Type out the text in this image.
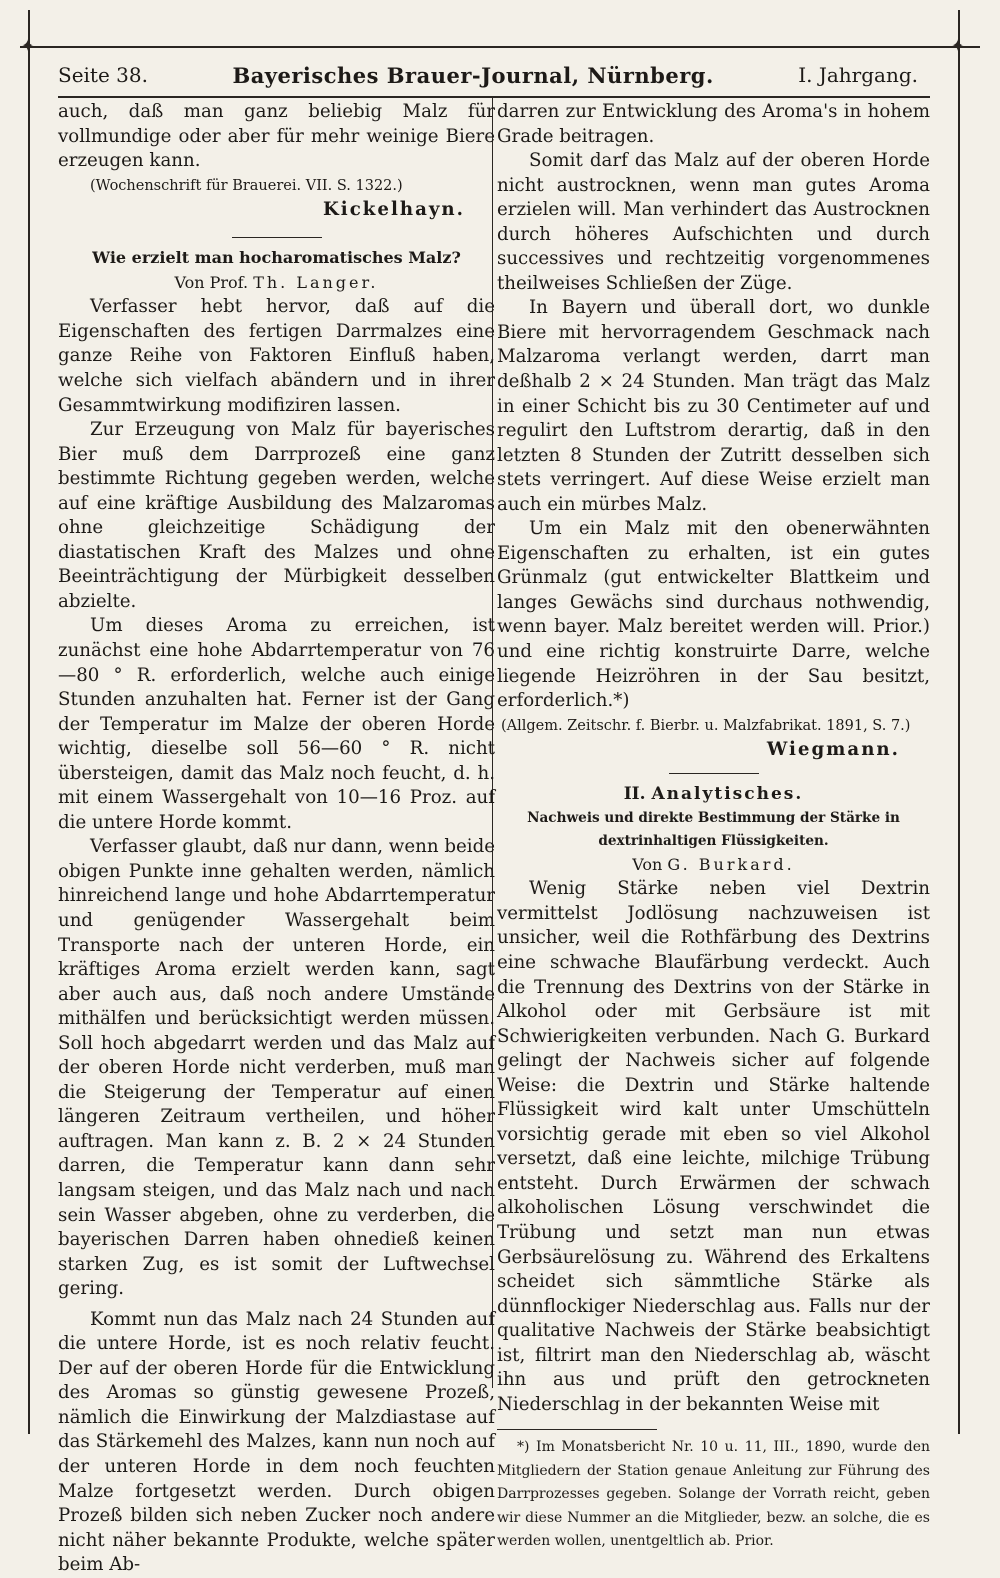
✦	✦
Seite 38.	Bayerisches Brauer-Journal, Nürnberg.	I. Jahrgang.

auch, daß man ganz beliebig Malz für vollmundige oder aber für mehr weinige Biere erzeugen kann.

(Wochenschrift für Brauerei. VII. S. 1322.)

Kickelhayn.

Wie erzielt man hocharomatisches Malz?

Von Prof. Th. Langer.

Verfasser hebt hervor, daß auf die Eigenschaften des fertigen Darrmalzes eine ganze Reihe von Faktoren Einfluß haben, welche sich vielfach abändern und in ihrer Gesammtwirkung modifiziren lassen.

Zur Erzeugung von Malz für bayerisches Bier muß dem Darrprozeß eine ganz bestimmte Richtung gegeben werden, welche auf eine kräftige Ausbildung des Malzaromas ohne gleichzeitige Schädigung der diastatischen Kraft des Malzes und ohne Beeinträchtigung der Mürbigkeit desselben abzielte.

Um dieses Aroma zu erreichen, ist zunächst eine hohe Abdarrtemperatur von 76—80 ° R. erforderlich, welche auch einige Stunden anzuhalten hat. Ferner ist der Gang der Temperatur im Malze der oberen Horde wichtig, dieselbe soll 56—60 ° R. nicht übersteigen, damit das Malz noch feucht, d. h. mit einem Wassergehalt von 10—16 Proz. auf die untere Horde kommt.

Verfasser glaubt, daß nur dann, wenn beide obigen Punkte inne gehalten werden, nämlich hinreichend lange und hohe Abdarrtemperatur und genügender Wassergehalt beim Transporte nach der unteren Horde, ein kräftiges Aroma erzielt werden kann, sagt aber auch aus, daß noch andere Umstände mithälfen und berücksichtigt werden müssen. Soll hoch abgedarrt werden und das Malz auf der oberen Horde nicht verderben, muß man die Steigerung der Temperatur auf einen längeren Zeitraum vertheilen, und höher auftragen. Man kann z. B. 2 × 24 Stunden darren, die Temperatur kann dann sehr langsam steigen, und das Malz nach und nach sein Wasser abgeben, ohne zu verderben, die bayerischen Darren haben ohnedieß keinen starken Zug, es ist somit der Luftwechsel gering.

Kommt nun das Malz nach 24 Stunden auf die untere Horde, ist es noch relativ feucht. Der auf der oberen Horde für die Entwicklung des Aromas so günstig gewesene Prozeß, nämlich die Einwirkung der Malzdiastase auf das Stärkemehl des Malzes, kann nun noch auf der unteren Horde in dem noch feuchten Malze fortgesetzt werden. Durch obigen Prozeß bilden sich neben Zucker noch andere nicht näher bekannte Produkte, welche später beim Ab-

darren zur Entwicklung des Aroma's in hohem Grade beitragen.

Somit darf das Malz auf der oberen Horde nicht austrocknen, wenn man gutes Aroma erzielen will. Man verhindert das Austrocknen durch höheres Aufschichten und durch successives und rechtzeitig vorgenommenes theilweises Schließen der Züge.

In Bayern und überall dort, wo dunkle Biere mit hervorragendem Geschmack nach Malzaroma verlangt werden, darrt man deßhalb 2 × 24 Stunden. Man trägt das Malz in einer Schicht bis zu 30 Centimeter auf und regulirt den Luftstrom derartig, daß in den letzten 8 Stunden der Zutritt desselben sich stets verringert. Auf diese Weise erzielt man auch ein mürbes Malz.

Um ein Malz mit den obenerwähnten Eigenschaften zu erhalten, ist ein gutes Grünmalz (gut entwickelter Blattkeim und langes Gewächs sind durchaus nothwendig, wenn bayer. Malz bereitet werden will. Prior.) und eine richtig konstruirte Darre, welche liegende Heizröhren in der Sau besitzt, erforderlich.*)

(Allgem. Zeitschr. f. Bierbr. u. Malzfabrikat. 1891, S. 7.)

Wiegmann.

II. Analytisches.

Nachweis und direkte Bestimmung der Stärke in dextrinhaltigen Flüssigkeiten.

Von G. Burkard.

Wenig Stärke neben viel Dextrin vermittelst Jodlösung nachzuweisen ist unsicher, weil die Rothfärbung des Dextrins eine schwache Blaufärbung verdeckt. Auch die Trennung des Dextrins von der Stärke in Alkohol oder mit Gerbsäure ist mit Schwierigkeiten verbunden. Nach G. Burkard gelingt der Nachweis sicher auf folgende Weise: die Dextrin und Stärke haltende Flüssigkeit wird kalt unter Umschütteln vorsichtig gerade mit eben so viel Alkohol versetzt, daß eine leichte, milchige Trübung entsteht. Durch Erwärmen der schwach alkoholischen Lösung verschwindet die Trübung und setzt man nun etwas Gerbsäurelösung zu. Während des Erkaltens scheidet sich sämmtliche Stärke als dünnflockiger Niederschlag aus. Falls nur der qualitative Nachweis der Stärke beabsichtigt ist, filtrirt man den Niederschlag ab, wäscht ihn aus und prüft den getrockneten Niederschlag in der bekannten Weise mit

*) Im Monatsbericht Nr. 10 u. 11, III., 1890, wurde den Mitgliedern der Station genaue Anleitung zur Führung des Darrprozesses gegeben. Solange der Vorrath reicht, geben wir diese Nummer an die Mitglieder, bezw. an solche, die es werden wollen, unentgeltlich ab. Prior.
